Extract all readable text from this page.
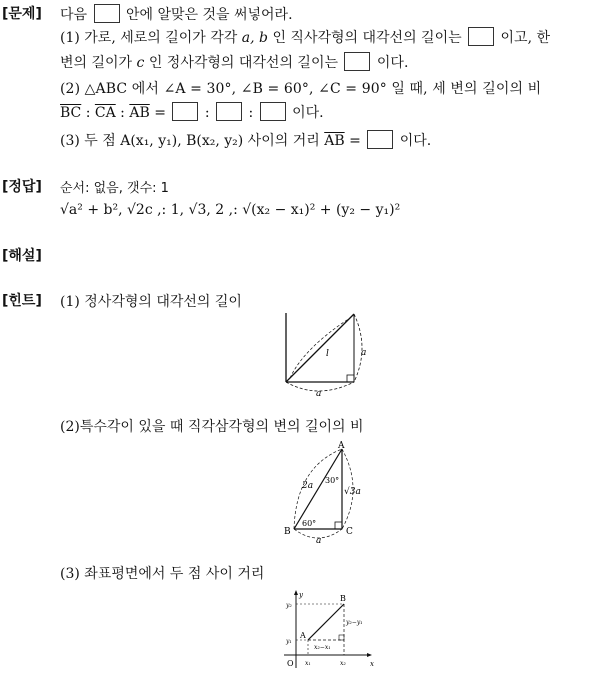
[문제] 다음	안에 알맞은 것을 써넣어라.
(1) 가로, 세로의 길이가 각각 a, b 인 직사각형의 대각선의 길이는	이고, 한
변의 길이가 c 인 정사각형의 대각선의 길이는	이다.
(2) △ABC 에서 ∠A = 30°, ∠B = 60°, ∠C = 90° 일 때, 세 변의 길이의 비
$\overline{BC}$ : $\overline{CA}$ : $\overline{AB}$ =	:	:	이다.
(3) 두 점 A(x₁, y₁), B(x₂, y₂) 사이의 거리 $\overline{AB}$ =	이다.
[정답] 순서: 없음, 갯수: 1
√a² + b², √2c ,: 1, √3, 2 ,: √(x₂ − x₁)² + (y₂ − y₁)²
[해설]
[힌트] (1) 정사각형의 대각선의 길이
l	a
a
(2)특수각이 있을 때 직각삼각형의 변의 길이의 비
A
B	C
2a
30°
√3a
60°
a
(3) 좌표평면에서 두 점 사이 거리
y
x
O
A
B
y₂
y₁
x₁	x₂
x₂−x₁
y₂−y₁
